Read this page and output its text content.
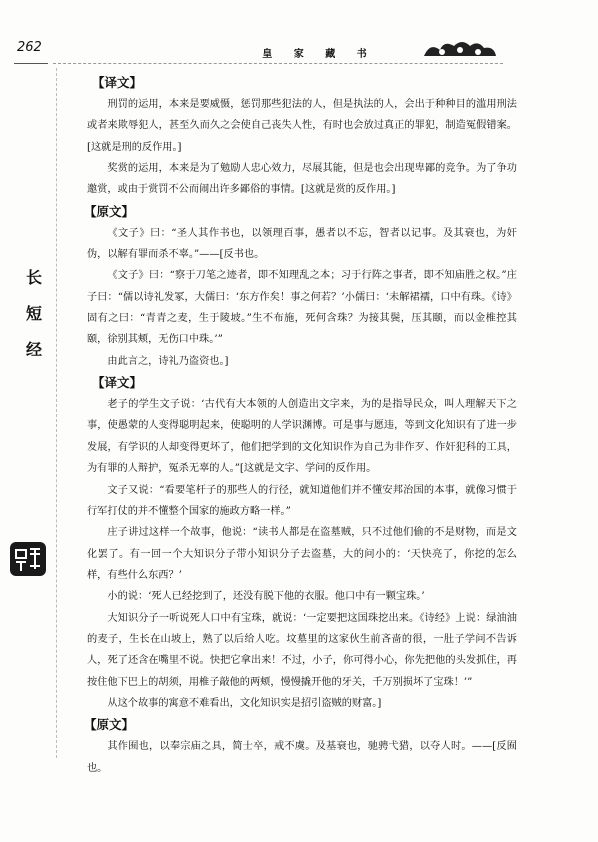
262	皇 家 藏 书
长
短
经
【译文】

刑罚的运用，本来是要威慑，惩罚那些犯法的人，但是执法的人，会出于种种目的滥用刑法或者来欺辱犯人，甚至久而久之会使自己丧失人性，有时也会放过真正的罪犯，制造冤假错案。[这就是刑的反作用。]

奖赏的运用，本来是为了勉励人忠心效力，尽展其能，但是也会出现卑鄙的竞争。为了争功邀赏，或由于赏罚不公而闹出许多鄙俗的事情。[这就是赏的反作用。]

【原文】

《文子》曰：“圣人其作书也，以领理百事，愚者以不忘，智者以记事。及其衰也，为奸伪，以解有罪而杀不辜。”——[反书也。

《文子》曰：“察于刀笔之迹者，即不知理乱之本；习于行阵之事者，即不知庙胜之权。”庄子曰：“儒以诗礼发冢，大儒曰：‘东方作矣！事之何若？’小儒曰：‘未解裙襦，口中有珠。《诗》固有之曰：“青青之麦，生于陵坡。”生不布施，死何含珠？为接其鬓，压其颐，而以金椎控其颐，徐别其颊，无伤口中珠。’”

由此言之，诗礼乃盗资也。]

【译文】

老子的学生文子说：‘古代有大本领的人创造出文字来，为的是指导民众，叫人理解天下之事，使愚蒙的人变得聪明起来，使聪明的人学识渊博。可是事与愿违，等到文化知识有了进一步发展，有学识的人却变得更坏了，他们把学到的文化知识作为自己为非作歹、作奸犯科的工具，为有罪的人辩护，冤杀无辜的人。”[这就是文字、学问的反作用。

文子又说：“看要笔杆子的那些人的行径，就知道他们并不懂安邦治国的本事，就像习惯于行军打仗的并不懂整个国家的施政方略一样。”

庄子讲过这样一个故事，他说：“读书人都是在盗墓贼，只不过他们偷的不是财物，而是文化罢了。有一回一个大知识分子带小知识分子去盗墓，大的问小的：‘天快亮了，你挖的怎么样，有些什么东西？’

小的说：‘死人已经挖到了，还没有脱下他的衣服。他口中有一颗宝珠。’

大知识分子一听说死人口中有宝珠，就说：‘一定要把这国珠挖出来。《诗经》上说：绿油油的麦子，生长在山坡上，熟了以后给人吃。坟墓里的这家伙生前吝啬的很，一肚子学问不告诉人，死了还含在嘴里不说。快把它拿出来！不过，小子，你可得小心，你先把他的头发抓住，再按住他下巴上的胡须，用椎子敲他的两颊，慢慢撬开他的牙关，千万别损坏了宝珠！’”

从这个故事的寓意不难看出，文化知识实是招引盗贼的财富。]

【原文】

其作囿也，以奉宗庙之具，简士卒，戒不虞。及基衰也，驰骋弋猎，以夺人时。——[反囿也。
